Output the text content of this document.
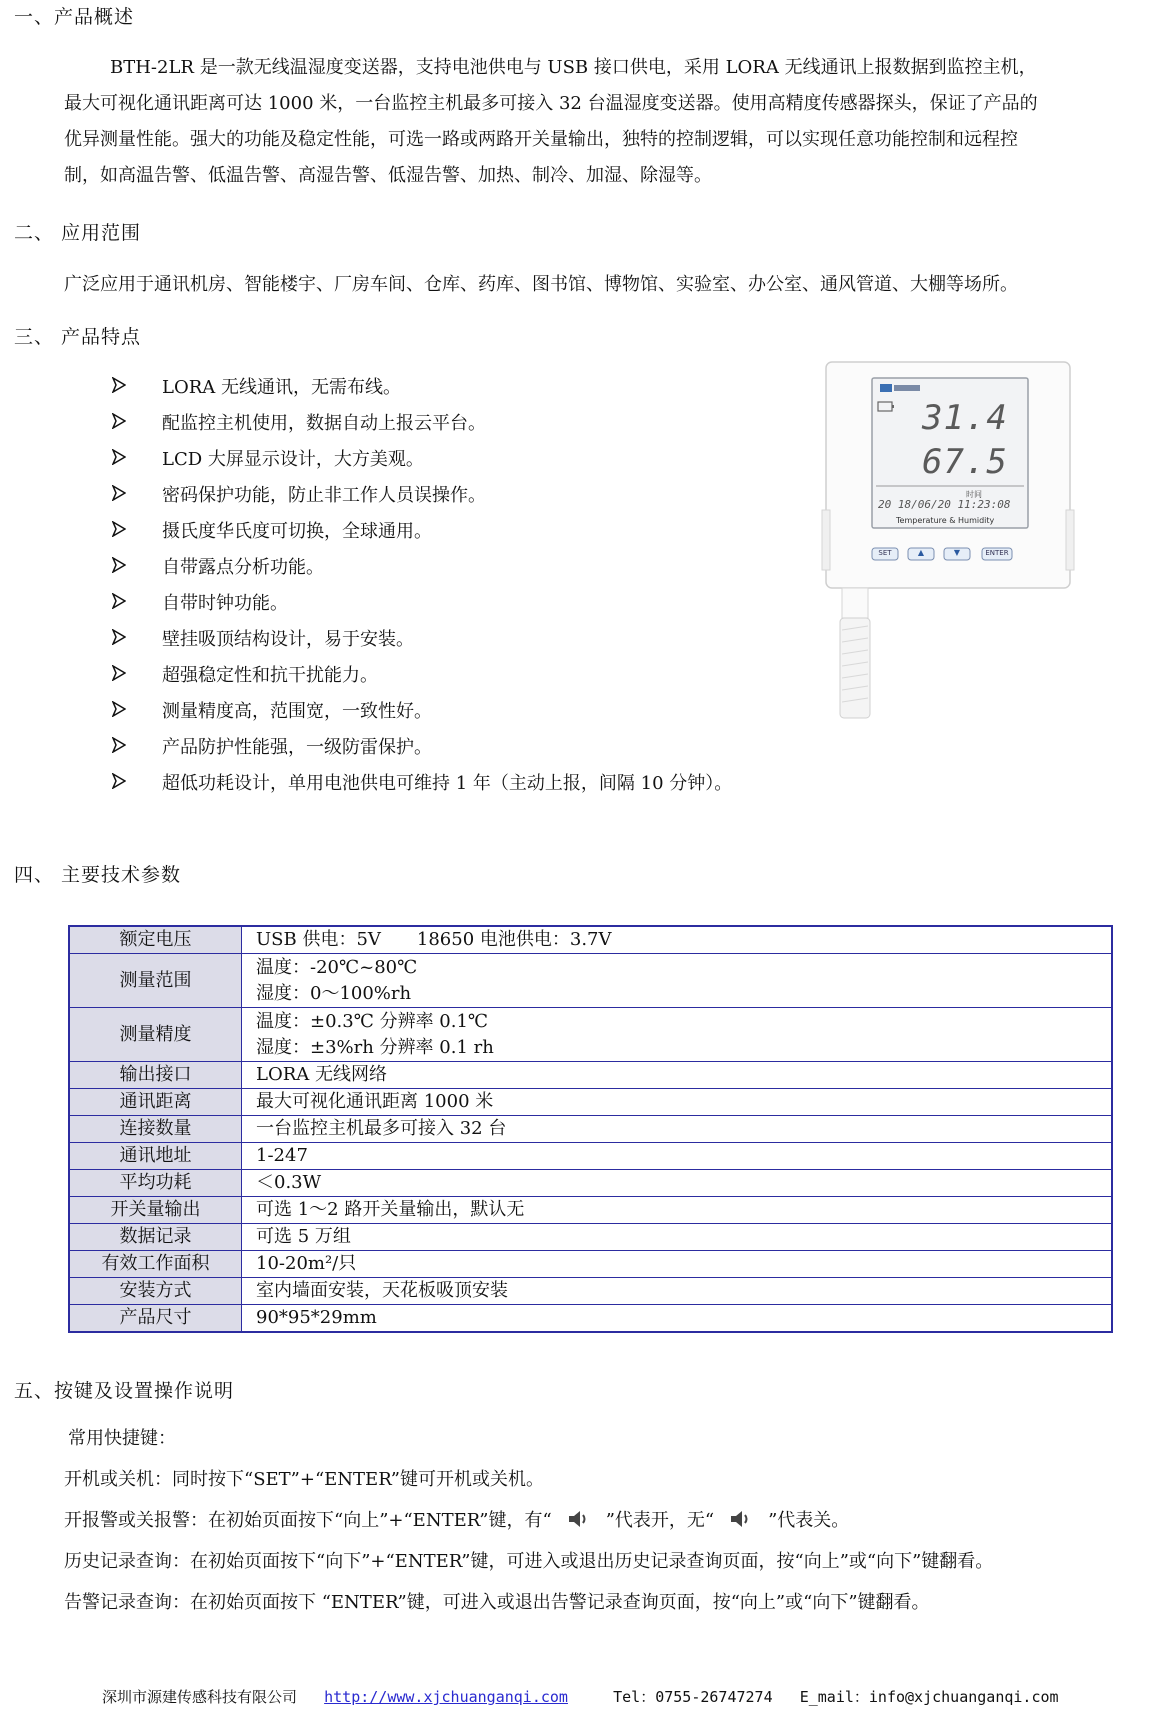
一、产品概述

BTH-2LR 是一款无线温湿度变送器，支持电池供电与 USB 接口供电，采用 LORA 无线通讯上报数据到监控主机，

最大可视化通讯距离可达 1000 米，一台监控主机最多可接入 32 台温湿度变送器。使用高精度传感器探头，保证了产品的

优异测量性能。强大的功能及稳定性能，可选一路或两路开关量输出，独特的控制逻辑，可以实现任意功能控制和远程控

制，如高温告警、低温告警、高湿告警、低湿告警、加热、制冷、加湿、除湿等。

二、 应用范围
广泛应用于通讯机房、智能楼宇、厂房车间、仓库、药库、图书馆、博物馆、实验室、办公室、通风管道、大棚等场所。
三、 产品特点
LORA 无线通讯，无需布线。
配监控主机使用，数据自动上报云平台。
LCD 大屏显示设计，大方美观。
密码保护功能，防止非工作人员误操作。
摄氏度华氏度可切换，全球通用。
自带露点分析功能。
自带时钟功能。
壁挂吸顶结构设计，易于安装。
超强稳定性和抗干扰能力。
测量精度高，范围宽，一致性好。
产品防护性能强，一级防雷保护。
超低功耗设计，单用电池供电可维持 1 年（主动上报，间隔 10 分钟）。
31.4
67.5
时间
20 18/06/20 11:23:08
Temperature & Humidity
SET	▲	▼	ENTER
四、 主要技术参数
额定电压	USB 供电：5V　　18650 电池供电：3.7V
测量范围	温度：-20℃~80℃
湿度：0～100%rh

测量精度	温度：±0.3℃ 分辨率 0.1℃
湿度：±3%rh 分辨率 0.1 rh

输出接口	LORA 无线网络
通讯距离	最大可视化通讯距离 1000 米
连接数量	一台监控主机最多可接入 32 台
通讯地址	1-247
平均功耗	＜0.3W
开关量输出	可选 1～2 路开关量输出，默认无
数据记录	可选 5 万组
有效工作面积	10-20m²/只
安装方式	室内墙面安装，天花板吸顶安装
产品尺寸	90*95*29mm
五、按键及设置操作说明
常用快捷键：
开机或关机：同时按下“SET”+“ENTER”键可开机或关机。
开报警或关报警：在初始页面按下“向上”+“ENTER”键，有“	”代表开，无“	”代表关。
历史记录查询：在初始页面按下“向下”+“ENTER”键，可进入或退出历史记录查询页面，按“向上”或“向下”键翻看。
告警记录查询：在初始页面按下 “ENTER”键，可进入或退出告警记录查询页面，按“向上”或“向下”键翻看。
深圳市源建传感科技有限公司 http://www.xjchuanganqi.com	Tel：0755-26747274 E_mail：info@xjchuanganqi.com
